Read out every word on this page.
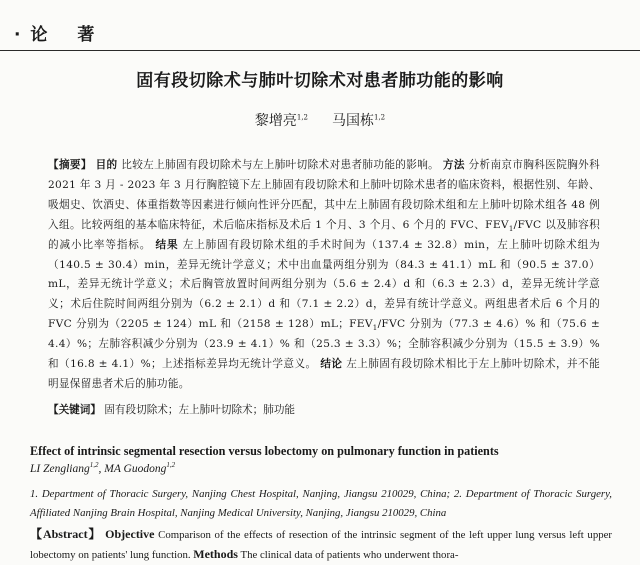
· 论 著
固有段切除术与肺叶切除术对患者肺功能的影响
黎增亮$^{1,2}$ 马国栋$^{1,2}$
【摘要】 目的 比较左上肺固有段切除术与左上肺叶切除术对患者肺功能的影响。 方法 分析南京市胸科医院胸外科 2021 年 3 月 - 2023 年 3 月行胸腔镜下左上肺固有段切除术和上肺叶切除术患者的临床资料，根据性别、年龄、吸烟史、饮酒史、体重指数等因素进行倾向性评分匹配，其中左上肺固有段切除术组和左上肺叶切除术组各 48 例入组。比较两组的基本临床特征，术后临床指标及术后 1 个月、3 个月、6 个月的 FVC、$FEV_1$/FVC 以及肺容积的减小比率等指标。 结果 左上肺固有段切除术组的手术时间为（137.4 ± 32.8）min，左上肺叶切除术组为（140.5 ± 30.4）min，差异无统计学意义；术中出血量两组分别为（84.3 ± 41.1）mL 和（90.5 ± 37.0）mL，差异无统计学意义；术后胸管放置时间两组分别为（5.6 ± 2.4）d 和（6.3 ± 2.3）d，差异无统计学意义；术后住院时间两组分别为（6.2 ± 2.1）d 和（7.1 ± 2.2）d，差异有统计学意义。两组患者术后 6 个月的 FVC 分别为（2205 ± 124）mL 和（2158 ± 128）mL；$FEV_1$/FVC 分别为（77.3 ± 4.6）% 和（75.6 ± 4.4）%；左肺容积减少分别为（23.9 ± 4.1）% 和（25.3 ± 3.3）%；全肺容积减少分别为（15.5 ± 3.9）% 和（16.8 ± 4.1）%；上述指标差异均无统计学意义。 结论 左上肺固有段切除术相比于左上肺叶切除术，并不能明显保留患者术后的肺功能。
【关键词】 固有段切除术；左上肺叶切除术；肺功能
Effect of intrinsic segmental resection versus lobectomy on pulmonary function in patients
LI Zengliang$^{1,2}$, MA Guodong$^{1,2}$
1. Department of Thoracic Surgery, Nanjing Chest Hospital, Nanjing, Jiangsu 210029, China; 2. Department of Thoracic Surgery, Affiliated Nanjing Brain Hospital, Nanjing Medical University, Nanjing, Jiangsu 210029, China
【Abstract】 Objective Comparison of the effects of resection of the intrinsic segment of the left upper lung versus left upper lobectomy on patients' lung function. Methods The clinical data of patients who underwent thora-
